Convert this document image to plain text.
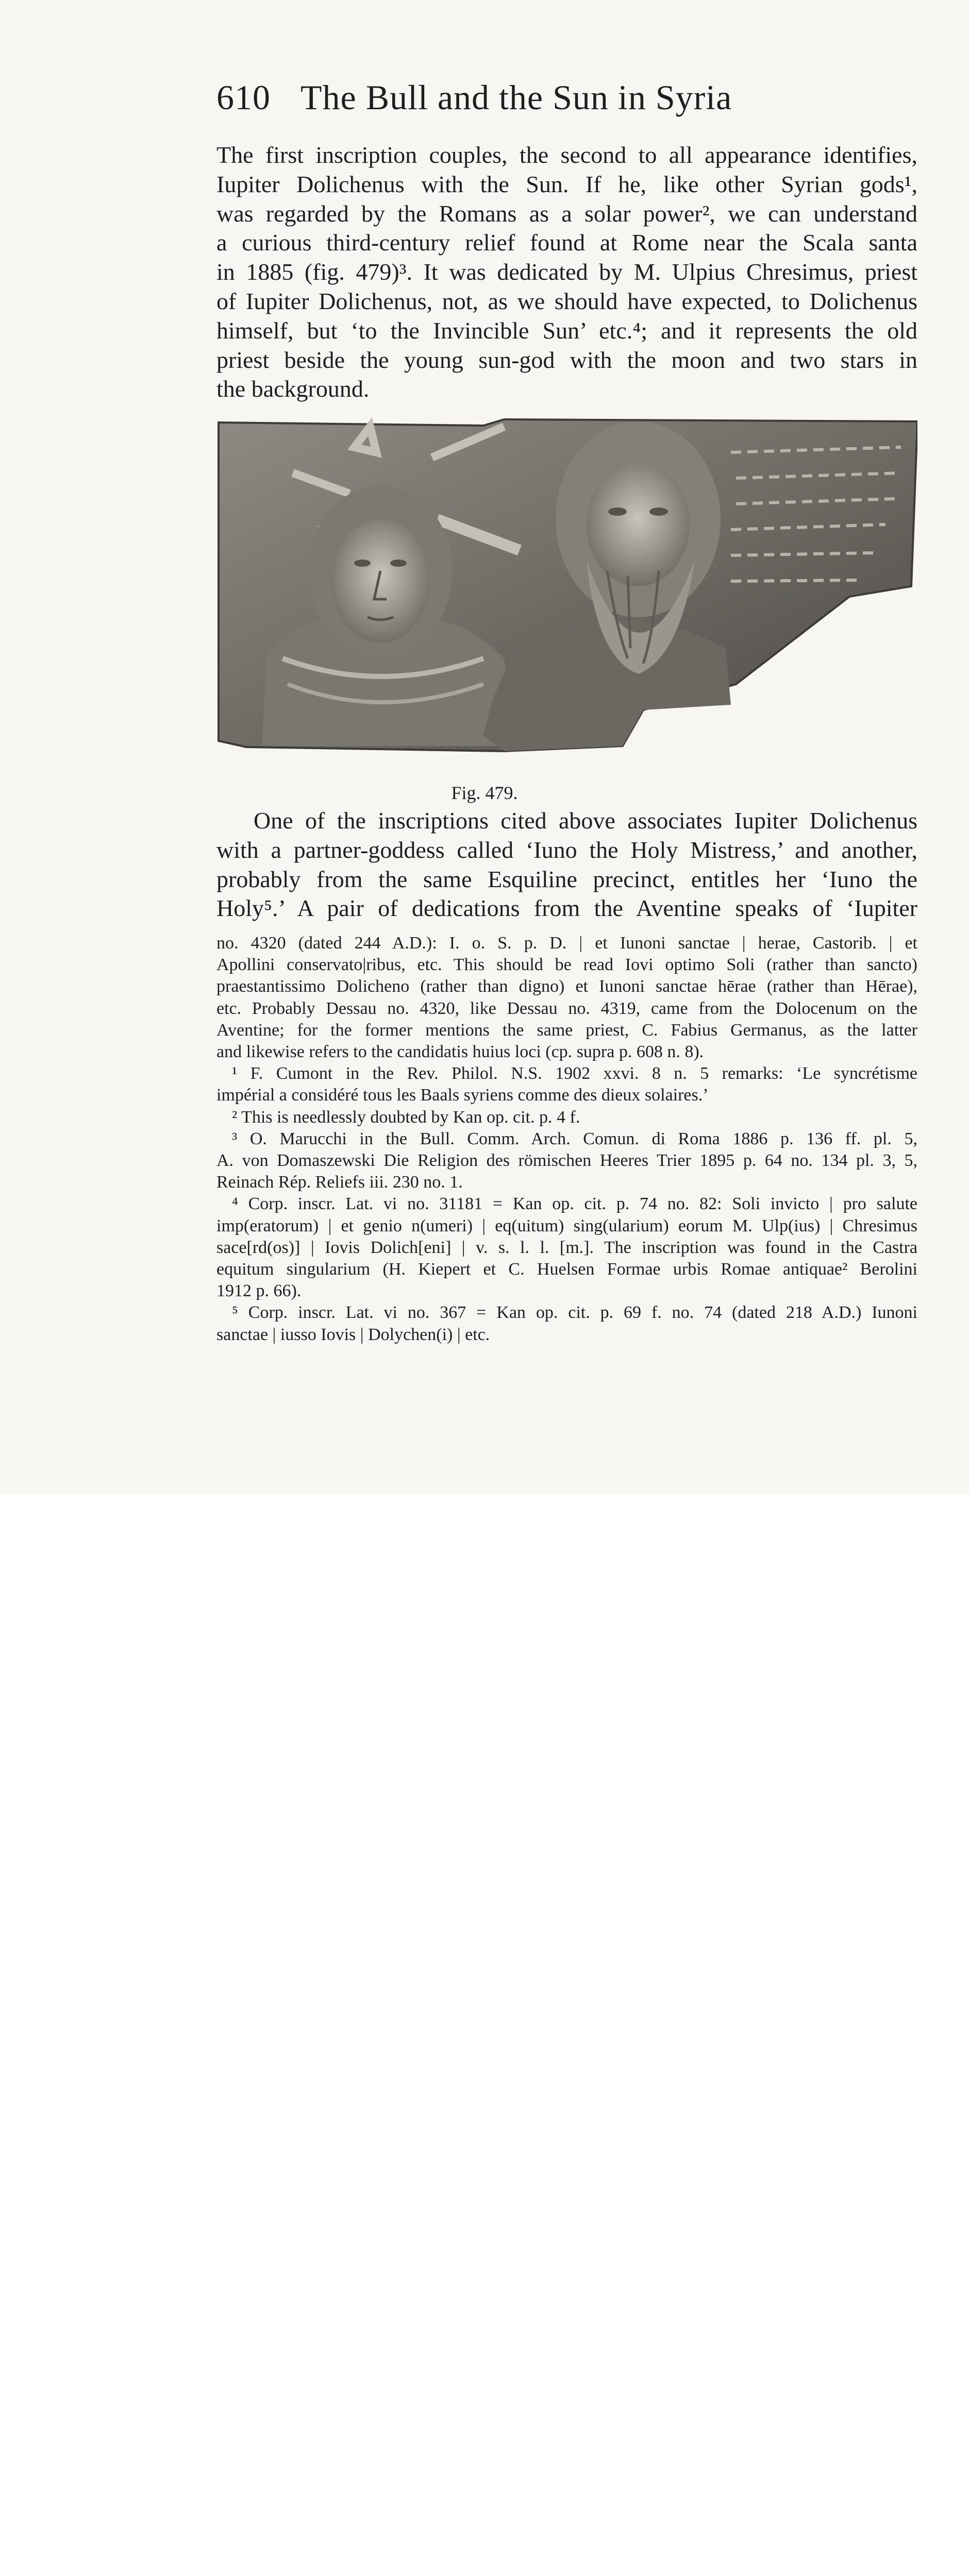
610 The Bull and the Sun in Syria
The first inscription couples, the second to all appearance identifies,
Iupiter Dolichenus with the Sun. If he, like other Syrian gods¹,
was regarded by the Romans as a solar power², we can understand
a curious third-century relief found at Rome near the Scala santa
in 1885 (fig. 479)³. It was dedicated by M. Ulpius Chresimus, priest
of Iupiter Dolichenus, not, as we should have expected, to Dolichenus
himself, but ‘to the Invincible Sun’ etc.⁴; and it represents the old
priest beside the young sun-god with the moon and two stars in
the background.
Fig. 479.
One of the inscriptions cited above associates Iupiter Dolichenus
with a partner-goddess called ‘Iuno the Holy Mistress,’ and another,
probably from the same Esquiline precinct, entitles her ‘Iuno the
Holy⁵.’ A pair of dedications from the Aventine speaks of ‘Iupiter
no. 4320 (dated 244 A.D.): I. o. S. p. D. | et Iunoni sanctae | herae, Castorib. | et
Apollini conservato|ribus, etc. This should be read Iovi optimo Soli (rather than sancto)
praestantissimo Dolicheno (rather than digno) et Iunoni sanctae hērae (rather than Hērae),
etc. Probably Dessau no. 4320, like Dessau no. 4319, came from the Dolocenum on the
Aventine; for the former mentions the same priest, C. Fabius Germanus, as the latter
and likewise refers to the candidatis huius loci (cp. supra p. 608 n. 8).
¹ F. Cumont in the Rev. Philol. N.S. 1902 xxvi. 8 n. 5 remarks: ‘Le syncrétisme
impérial a considéré tous les Baals syriens comme des dieux solaires.’
² This is needlessly doubted by Kan op. cit. p. 4 f.
³ O. Marucchi in the Bull. Comm. Arch. Comun. di Roma 1886 p. 136 ff. pl. 5,
A. von Domaszewski Die Religion des römischen Heeres Trier 1895 p. 64 no. 134 pl. 3, 5,
Reinach Rép. Reliefs iii. 230 no. 1.
⁴ Corp. inscr. Lat. vi no. 31181 = Kan op. cit. p. 74 no. 82: Soli invicto | pro salute
imp(eratorum) | et genio n(umeri) | eq(uitum) sing(ularium) eorum M. Ulp(ius) | Chresimus
sace[rd(os)] | Iovis Dolich[eni] | v. s. l. l. [m.]. The inscription was found in the Castra
equitum singularium (H. Kiepert et C. Huelsen Formae urbis Romae antiquae² Berolini
1912 p. 66).
⁵ Corp. inscr. Lat. vi no. 367 = Kan op. cit. p. 69 f. no. 74 (dated 218 A.D.) Iunoni
sanctae | iusso Iovis | Dolychen(i) | etc.
